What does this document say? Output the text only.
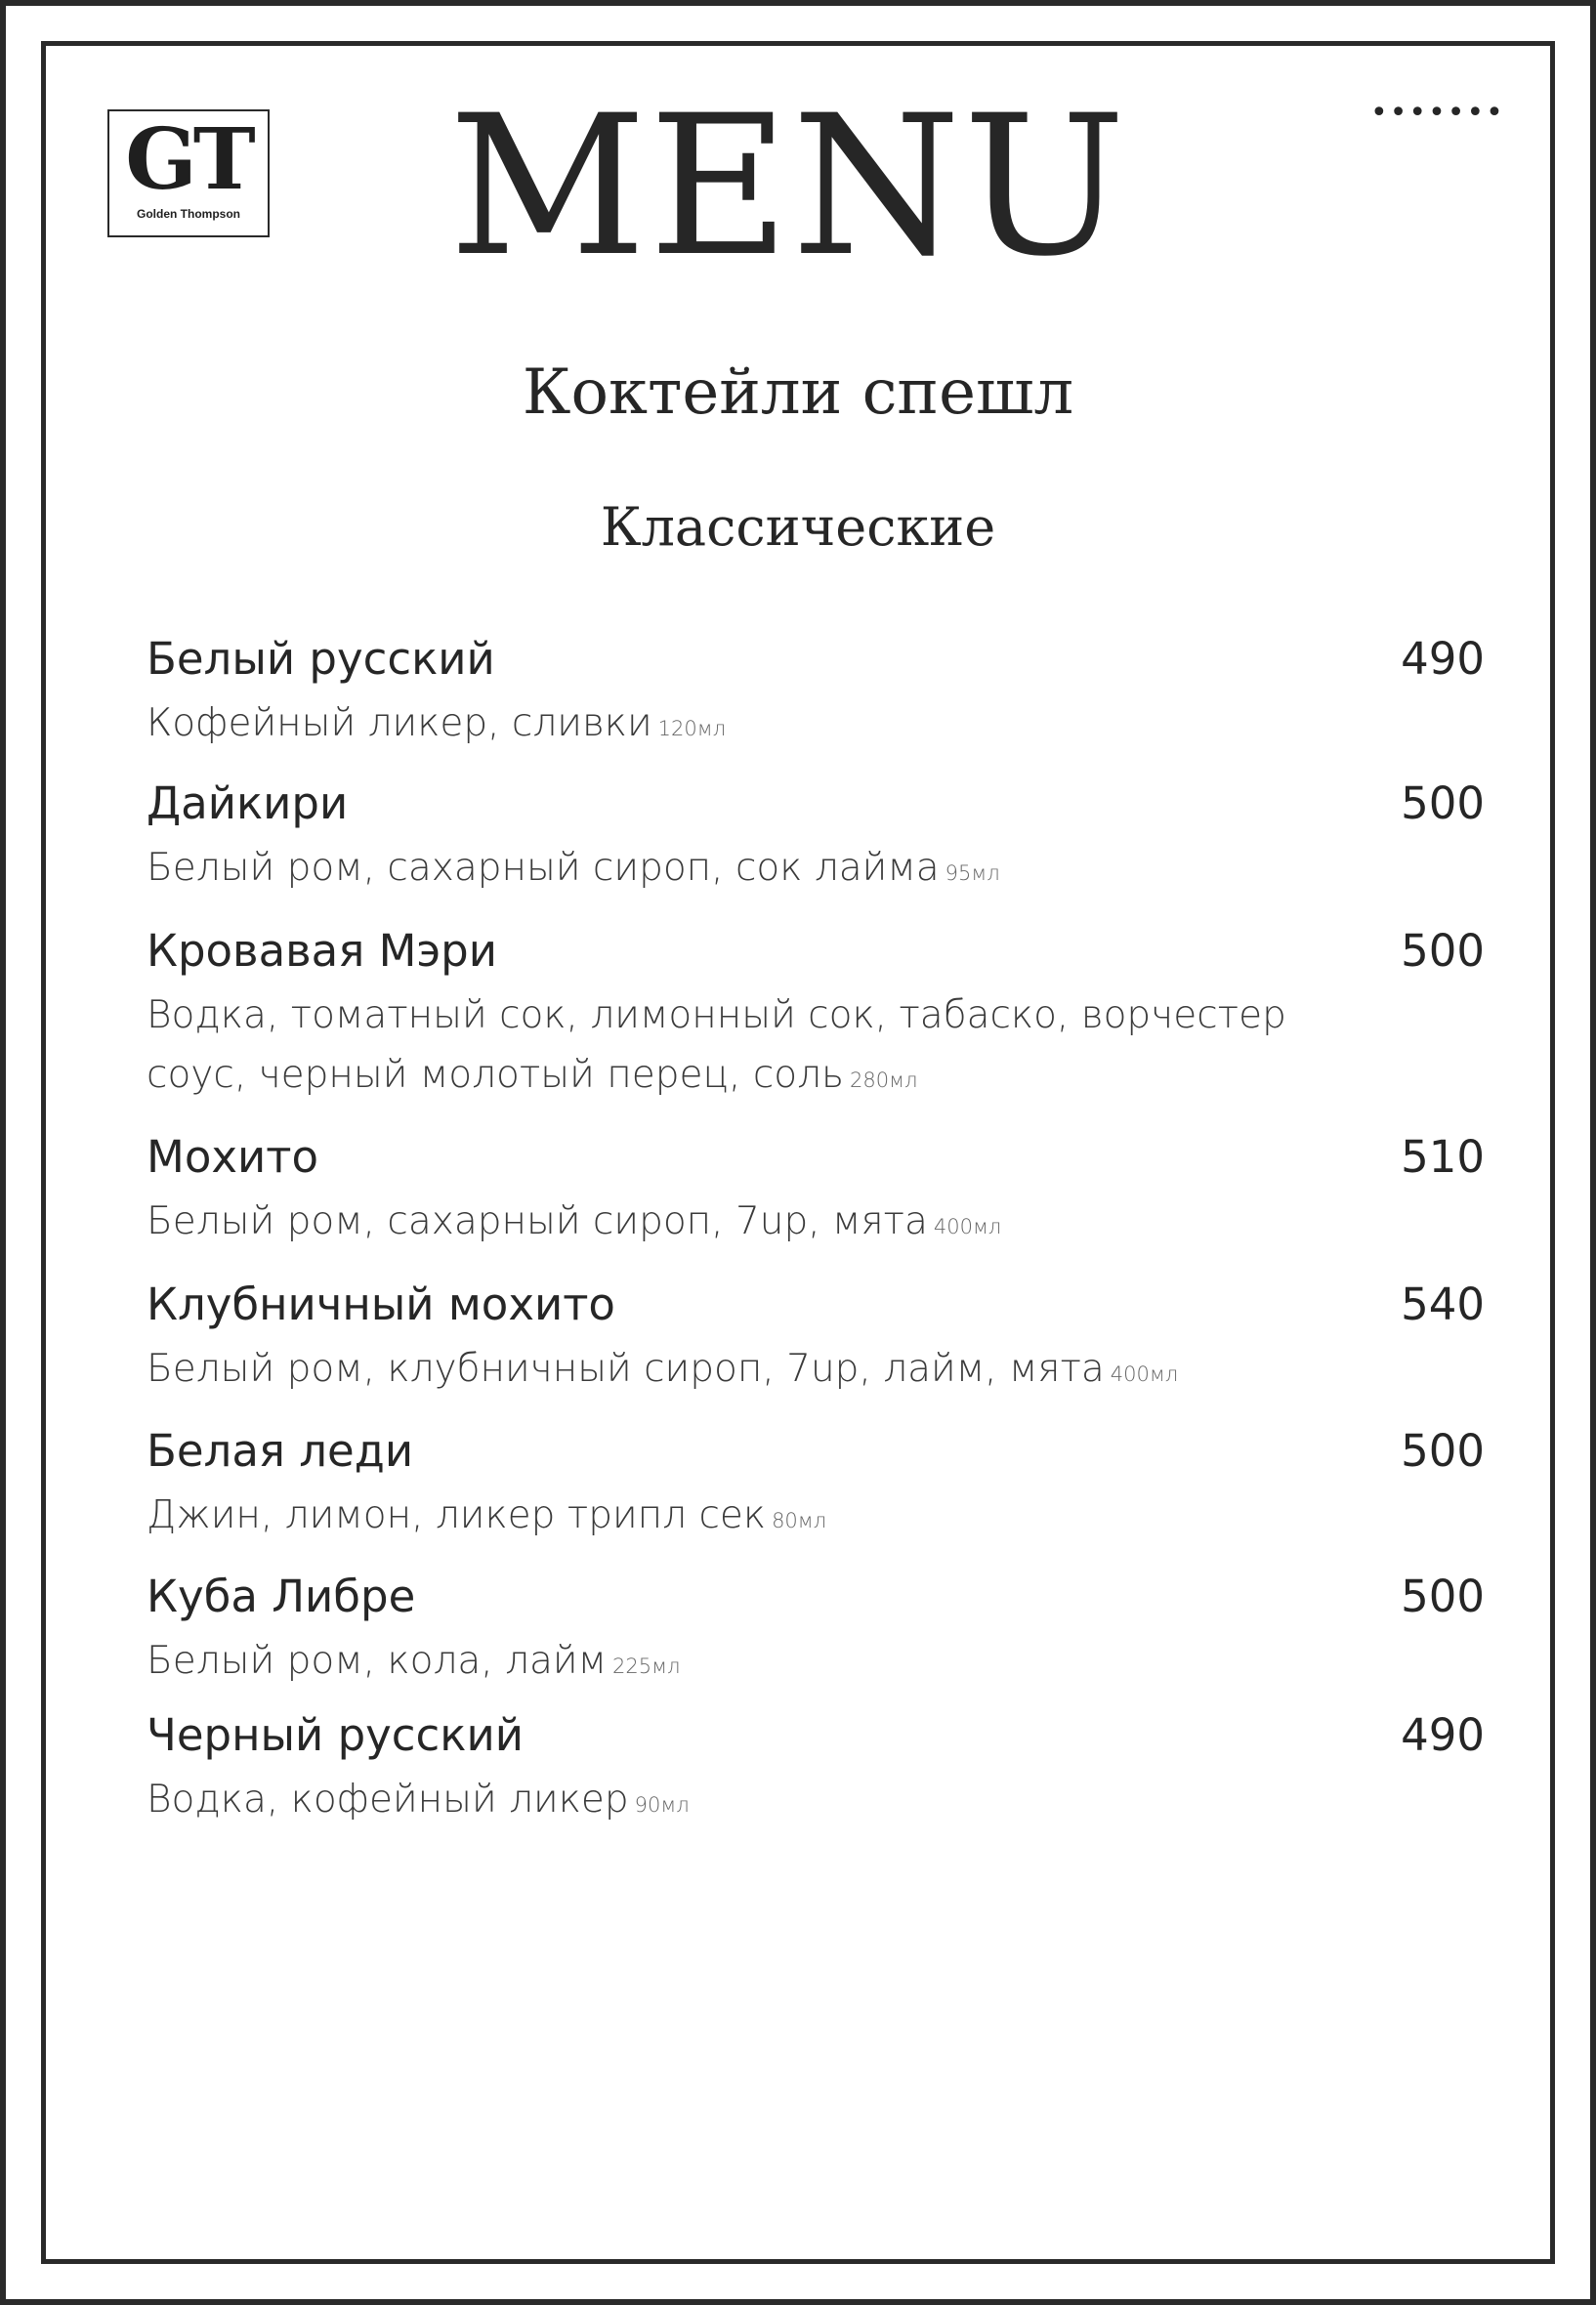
GT
Golden Thompson
•••••••
MENU
Коктейли спешл
Классические
Белый русский	490
Кофейный ликер, сливки 120мл
Дайкири	500
Белый ром, сахарный сироп, сок лайма 95мл
Кровавая Мэри	500
Водка, томатный сок, лимонный сок, табаско, ворчестер соус, черный молотый перец, соль 280мл
Мохито	510
Белый ром, сахарный сироп, 7up, мята 400мл
Клубничный мохито	540
Белый ром, клубничный сироп, 7up, лайм, мята 400мл
Белая леди	500
Джин, лимон, ликер трипл сек 80мл
Куба Либре	500
Белый ром, кола, лайм 225мл
Черный русский	490
Водка, кофейный ликер 90мл
